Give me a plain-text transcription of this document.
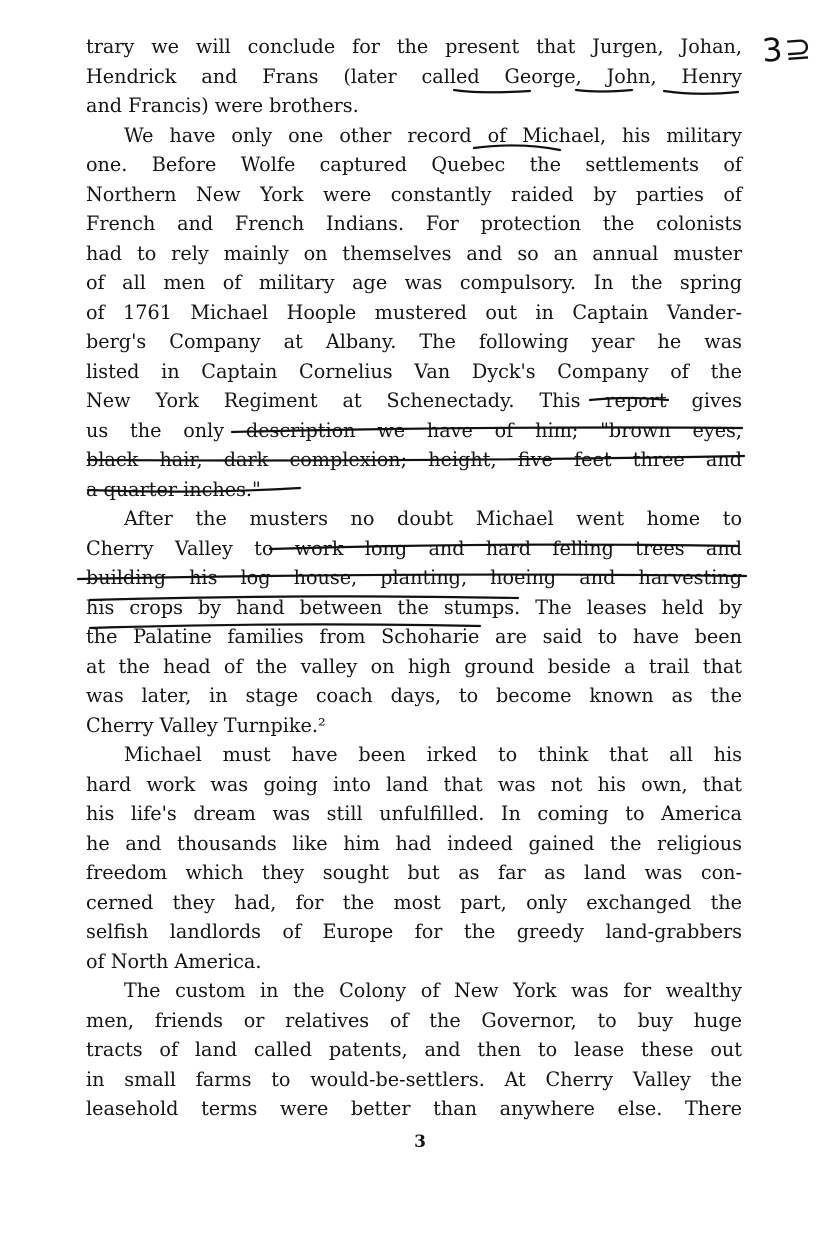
3⊇
trary we will conclude for the present that Jurgen, Johan,
Hendrick and Frans (later called George, John, Henry
and Francis) were brothers.
We have only one other record of Michael, his military
one. Before Wolfe captured Quebec the settlements of
Northern New York were constantly raided by parties of
French and French Indians. For protection the colonists
had to rely mainly on themselves and so an annual muster
of all men of military age was compulsory. In the spring
of 1761 Michael Hoople mustered out in Captain Vander-
berg's Company at Albany. The following year he was
listed in Captain Cornelius Van Dyck's Company of the
New York Regiment at Schenectady. This report gives
us the only description we have of him; "brown eyes,
black hair, dark complexion; height, five feet three and
a quarter inches."
After the musters no doubt Michael went home to
Cherry Valley to work long and hard felling trees and
building his log house, planting, hoeing and harvesting
his crops by hand between the stumps. The leases held by
the Palatine families from Schoharie are said to have been
at the head of the valley on high ground beside a trail that
was later, in stage coach days, to become known as the
Cherry Valley Turnpike.²
Michael must have been irked to think that all his
hard work was going into land that was not his own, that
his life's dream was still unfulfilled. In coming to America
he and thousands like him had indeed gained the religious
freedom which they sought but as far as land was con-
cerned they had, for the most part, only exchanged the
selfish landlords of Europe for the greedy land-grabbers
of North America.
The custom in the Colony of New York was for wealthy
men, friends or relatives of the Governor, to buy huge
tracts of land called patents, and then to lease these out
in small farms to would-be-settlers. At Cherry Valley the
leasehold terms were better than anywhere else. There
3
